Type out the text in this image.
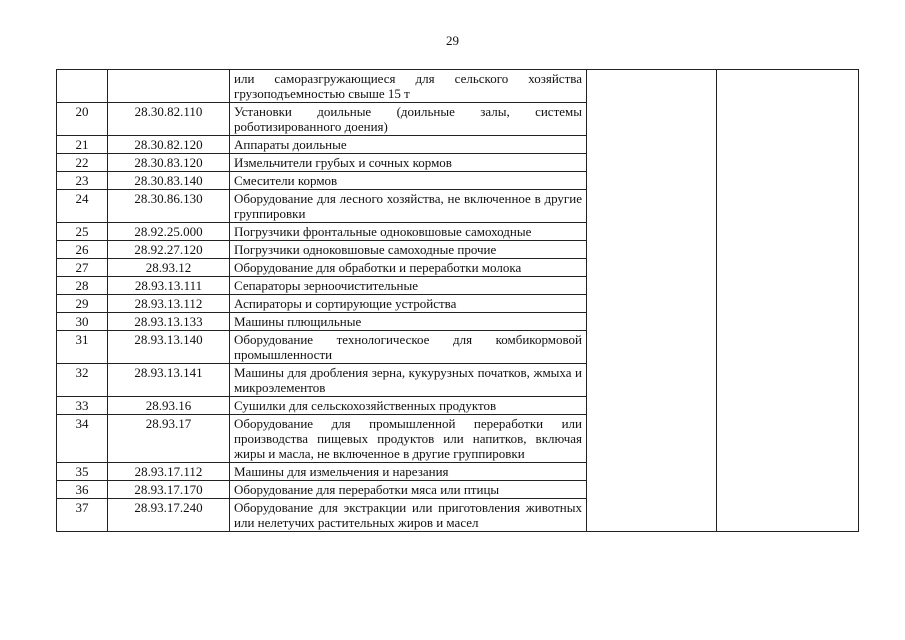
29
		или саморазгружающиеся для сельского хозяйства грузоподъемностью свыше 15 т		
20	28.30.82.110	Установки доильные (доильные залы, системы роботизированного доения)		
21	28.30.82.120	Аппараты доильные		
22	28.30.83.120	Измельчители грубых и сочных кормов		
23	28.30.83.140	Смесители кормов		
24	28.30.86.130	Оборудование для лесного хозяйства, не включенное в другие группировки		
25	28.92.25.000	Погрузчики фронтальные одноковшовые самоходные		
26	28.92.27.120	Погрузчики одноковшовые самоходные прочие		
27	28.93.12	Оборудование для обработки и переработки молока		
28	28.93.13.111	Сепараторы зерноочистительные		
29	28.93.13.112	Аспираторы и сортирующие устройства		
30	28.93.13.133	Машины плющильные		
31	28.93.13.140	Оборудование технологическое для комбикормовой промышленности		
32	28.93.13.141	Машины для дробления зерна, кукурузных початков, жмыха и микроэлементов		
33	28.93.16	Сушилки для сельскохозяйственных продуктов		
34	28.93.17	Оборудование для промышленной переработки или производства пищевых продуктов или напитков, включая жиры и масла, не включенное в другие группировки		
35	28.93.17.112	Машины для измельчения и нарезания		
36	28.93.17.170	Оборудование для переработки мяса или птицы		
37	28.93.17.240	Оборудование для экстракции или приготовления животных или нелетучих растительных жиров и масел		
